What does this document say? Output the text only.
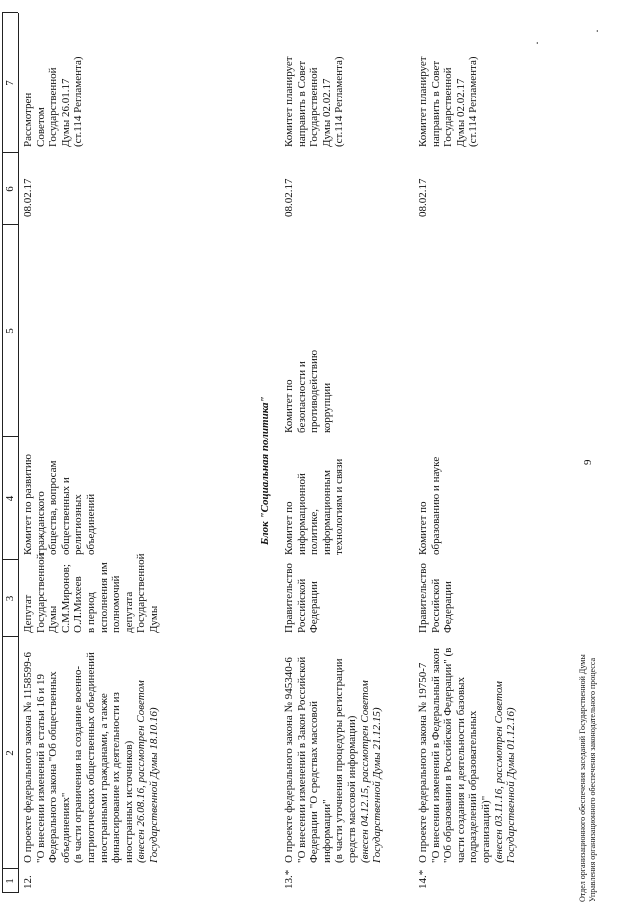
1
2
3
4
5
6
7
12.
О проекте федерального закона № 1158599-6 "О внесении изменений в статьи 16 и 19 Федерального закона "Об общественных объединениях" (в части ограничения на создание военно- патриотических общественных объединений иностранными гражданами, а также финансирование их деятельности из иностранных источников) (внесен 26.08.16, рассмотрен Советом Государственной Думы 18.10.16)
Депутат Государственной Думы С.М.Миронов; О.Л.Михеев в период исполнения им полномочий депутата Государственной Думы
Комитет по развитию гражданского общества, вопросам общественных и религиозных объединений
08.02.17
Рассмотрен Советом Государственной Думы 26.01.17 (ст.114 Регламента)
Блок "Социальная политика"
13.*
О проекте федерального закона № 945340-6 "О внесении изменений в Закон Российской Федерации "О средствах массовой информации" (в части уточнения процедуры регистрации средств массовой информации) (внесен 04.12.15, рассмотрен Советом Государственной Думы 21.12.15)
Правительство Российской Федерации
Комитет по информационной политике, информационным технологиям и связи
Комитет по безопасности и противодействию коррупции
08.02.17
Комитет планирует направить в Совет Государственной Думы 02.02.17 (ст.114 Регламента)
14.*
О проекте федерального закона № 19750-7 "О внесении изменений в Федеральный закон "Об образовании в Российской Федерации" (в части создания и деятельности базовых подразделений образовательных организаций)" (внесен 03.11.16, рассмотрен Советом Государственной Думы 01.12.16)
Правительство Российской Федерации
Комитет по образованию и науке
08.02.17
Комитет планирует направить в Совет Государственной Думы 02.02.17 (ст.114 Регламента)
9
·
·
Отдел организационного обеспечения заседаний Государственной Думы Управления организационного обеспечения законодательного процесса
